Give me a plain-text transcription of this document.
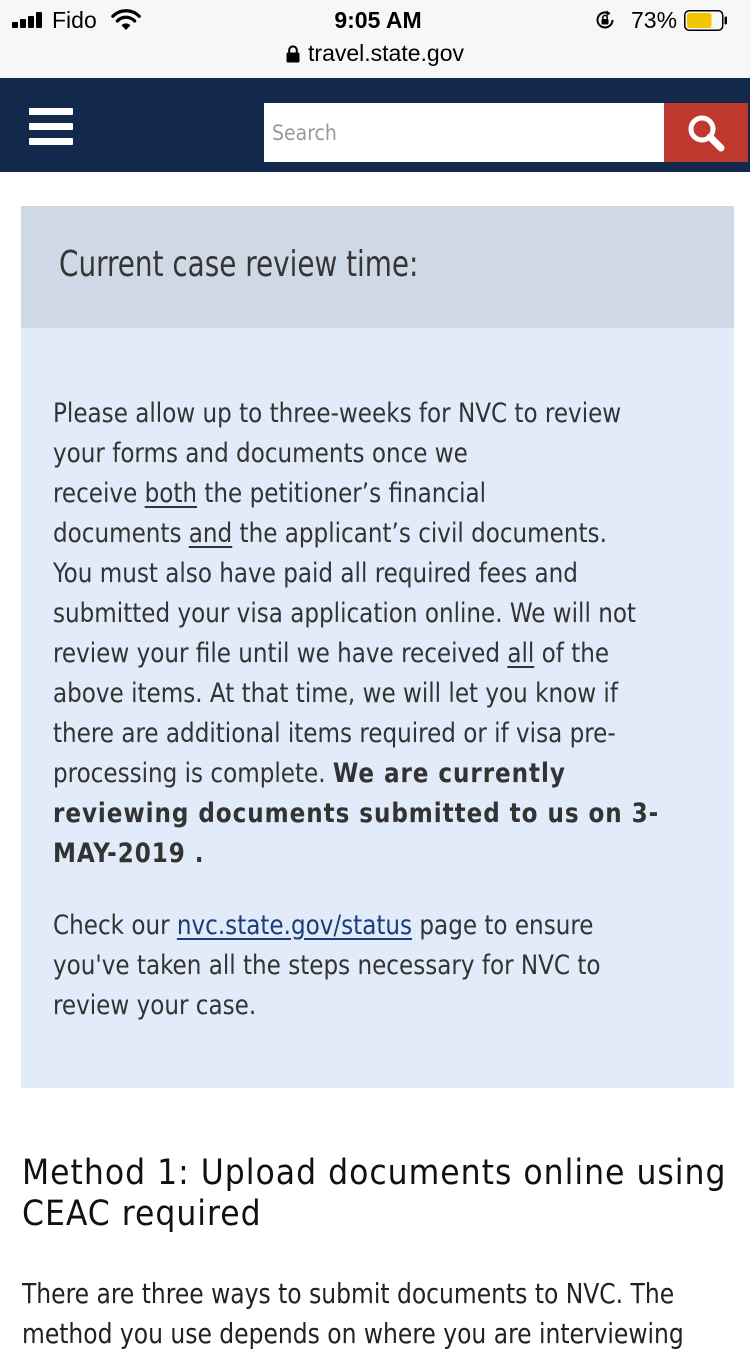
Fido	9:05 AM	73%
travel.state.gov
Search
Current case review time:

Please allow up to three-weeks for NVC to review
your forms and documents once we
receive both the petitioner’s financial
documents and the applicant’s civil documents.
You must also have paid all required fees and
submitted your visa application online. We will not
review your file until we have received all of the
above items. At that time, we will let you know if
there are additional items required or if visa pre-
processing is complete. We are currently
reviewing documents submitted to us on 3-
MAY-2019 .

Check our nvc.state.gov/status page to ensure
you've taken all the steps necessary for NVC to
review your case.

Method 1: Upload documents online using
CEAC required

There are three ways to submit documents to NVC. The
method you use depends on where you are interviewing
